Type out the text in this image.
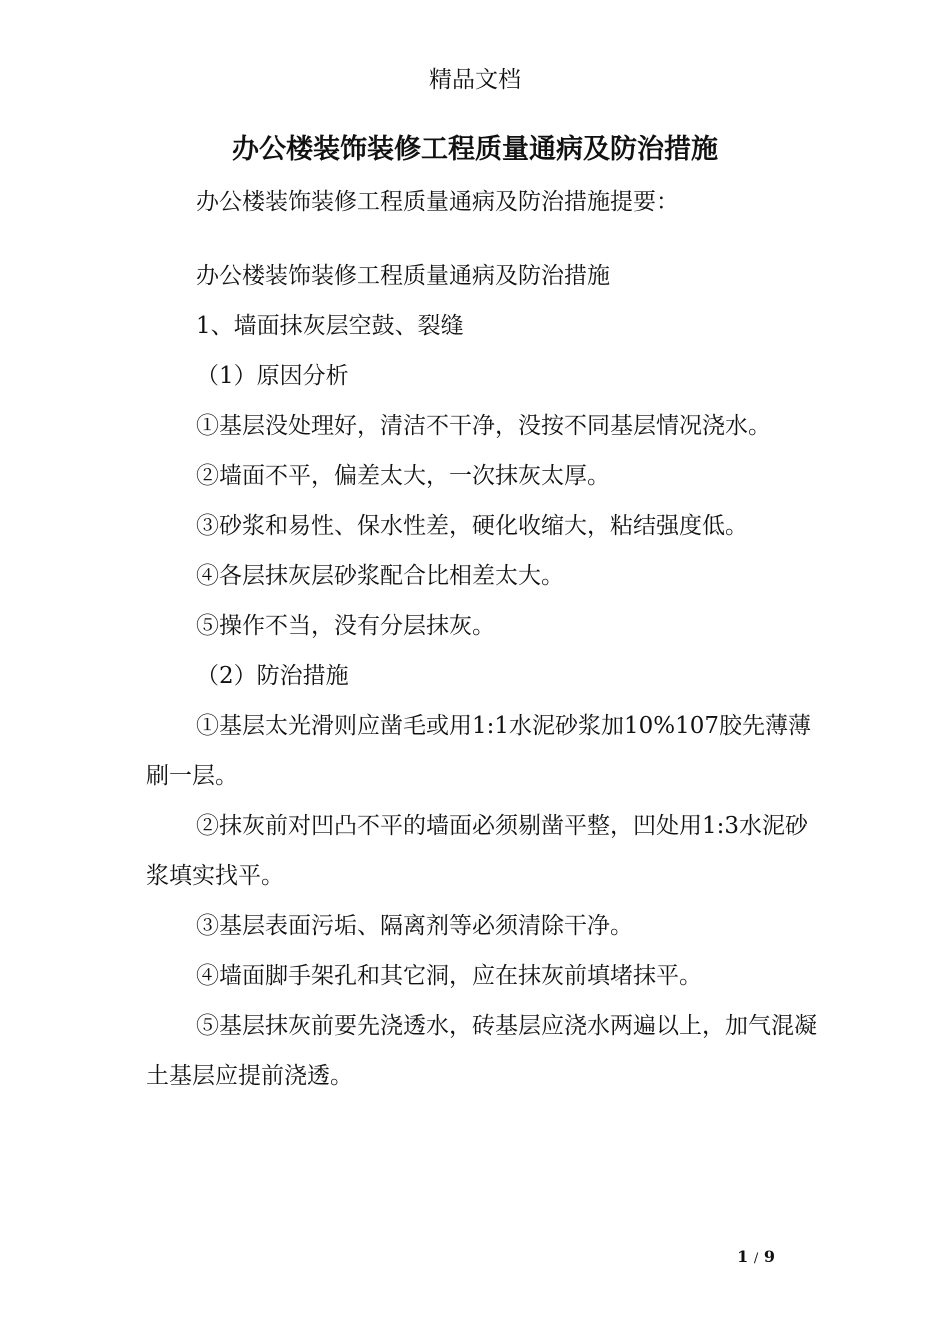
精品文档
办公楼装饰装修工程质量通病及防治措施

办公楼装饰装修工程质量通病及防治措施提要：

办公楼装饰装修工程质量通病及防治措施

1、墙面抹灰层空鼓、裂缝

（1）原因分析

①基层没处理好，清洁不干净，没按不同基层情况浇水。

②墙面不平，偏差太大，一次抹灰太厚。

③砂浆和易性、保水性差，硬化收缩大，粘结强度低。

④各层抹灰层砂浆配合比相差太大。

⑤操作不当，没有分层抹灰。

（2）防治措施

①基层太光滑则应凿毛或用1:1水泥砂浆加10%107胶先薄薄刷一层。

②抹灰前对凹凸不平的墙面必须剔凿平整，凹处用1:3水泥砂浆填实找平。

③基层表面污垢、隔离剂等必须清除干净。

④墙面脚手架孔和其它洞，应在抹灰前填堵抹平。

⑤基层抹灰前要先浇透水，砖基层应浇水两遍以上，加气混凝土基层应提前浇透。

1 / 9
